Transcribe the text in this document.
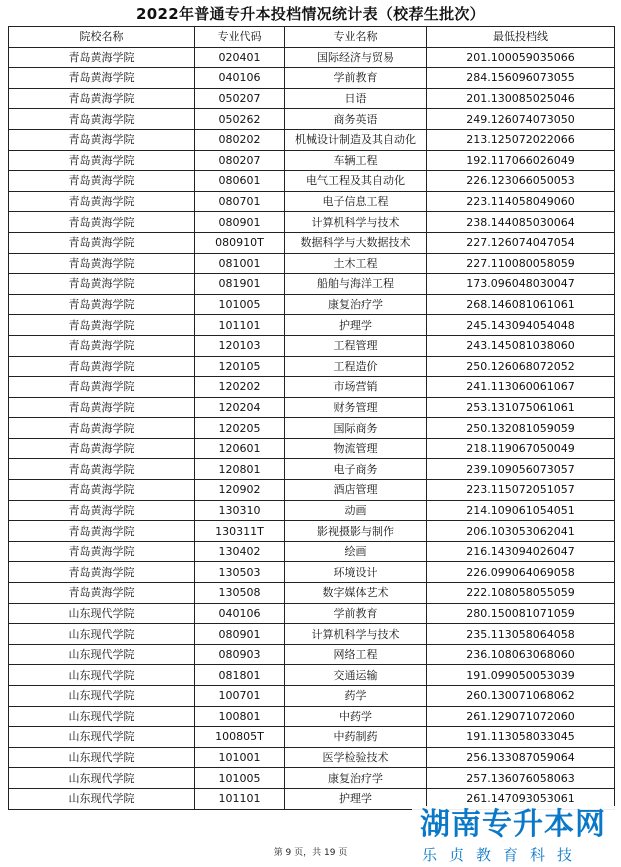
2022年普通专升本投档情况统计表（校荐生批次）
院校名称	专业代码	专业名称	最低投档线
青岛黄海学院	020401	国际经济与贸易	201.100059035066
青岛黄海学院	040106	学前教育	284.156096073055
青岛黄海学院	050207	日语	201.130085025046
青岛黄海学院	050262	商务英语	249.126074073050
青岛黄海学院	080202	机械设计制造及其自动化	213.125072022066
青岛黄海学院	080207	车辆工程	192.117066026049
青岛黄海学院	080601	电气工程及其自动化	226.123066050053
青岛黄海学院	080701	电子信息工程	223.114058049060
青岛黄海学院	080901	计算机科学与技术	238.144085030064
青岛黄海学院	080910T	数据科学与大数据技术	227.126074047054
青岛黄海学院	081001	土木工程	227.110080058059
青岛黄海学院	081901	船舶与海洋工程	173.096048030047
青岛黄海学院	101005	康复治疗学	268.146081061061
青岛黄海学院	101101	护理学	245.143094054048
青岛黄海学院	120103	工程管理	243.145081038060
青岛黄海学院	120105	工程造价	250.126068072052
青岛黄海学院	120202	市场营销	241.113060061067
青岛黄海学院	120204	财务管理	253.131075061061
青岛黄海学院	120205	国际商务	250.132081059059
青岛黄海学院	120601	物流管理	218.119067050049
青岛黄海学院	120801	电子商务	239.109056073057
青岛黄海学院	120902	酒店管理	223.115072051057
青岛黄海学院	130310	动画	214.109061054051
青岛黄海学院	130311T	影视摄影与制作	206.103053062041
青岛黄海学院	130402	绘画	216.143094026047
青岛黄海学院	130503	环境设计	226.099064069058
青岛黄海学院	130508	数字媒体艺术	222.108058055059
山东现代学院	040106	学前教育	280.150081071059
山东现代学院	080901	计算机科学与技术	235.113058064058
山东现代学院	080903	网络工程	236.108063068060
山东现代学院	081801	交通运输	191.099050053039
山东现代学院	100701	药学	260.130071068062
山东现代学院	100801	中药学	261.129071072060
山东现代学院	100805T	中药制药	191.113058033045
山东现代学院	101001	医学检验技术	256.133087059064
山东现代学院	101005	康复治疗学	257.136076058063
山东现代学院	101101	护理学	261.147093053061
第 9 页，共 19 页
湖南专升本网
乐贞教育科技
